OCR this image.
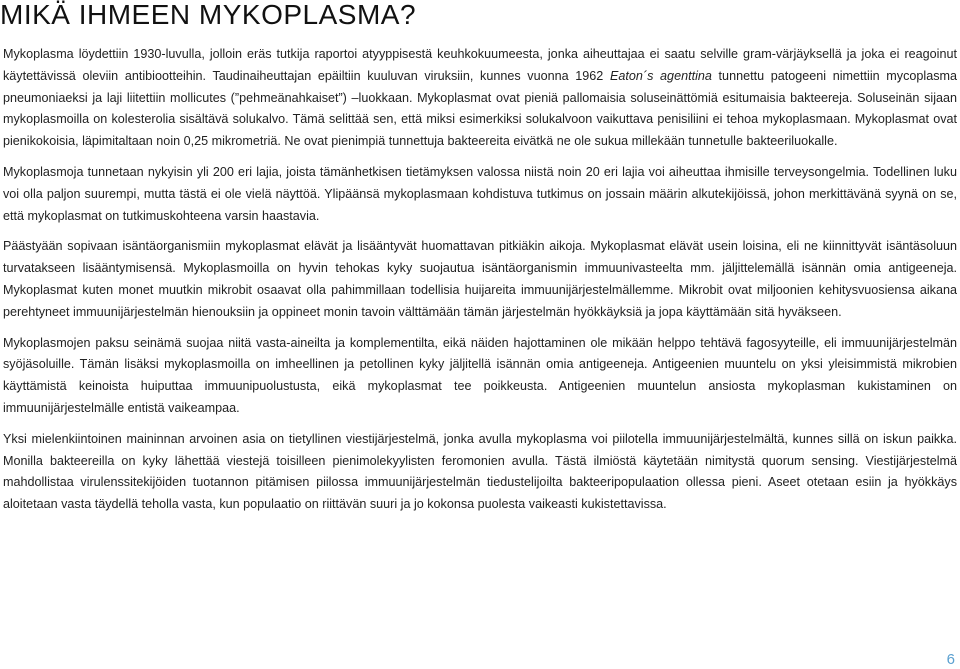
MIKÄ IHMEEN MYKOPLASMA?

Mykoplasma löydettiin 1930-luvulla, jolloin eräs tutkija raportoi atyyppisestä keuhkokuumeesta, jonka aiheuttajaa ei saatu selville gram-värjäyksellä ja joka ei reagoinut käytettävissä oleviin antibiootteihin. Taudinaiheuttajan epäiltiin kuuluvan viruksiin, kunnes vuonna 1962 Eaton´s agenttina tunnettu patogeeni nimettiin mycoplasma pneumoniaeksi ja laji liitettiin mollicutes (”pehmeänahkaiset”) –luokkaan. Mykoplasmat ovat pieniä pallomaisia soluseinättömiä esitumaisia bakteereja. Soluseinän sijaan mykoplasmoilla on kolesterolia sisältävä solukalvo. Tämä selittää sen, että miksi esimerkiksi solukalvoon vaikuttava penisiliini ei tehoa mykoplasmaan. Mykoplasmat ovat pienikokoisia, läpimitaltaan noin 0,25 mikrometriä. Ne ovat pienimpiä tunnettuja bakteereita eivätkä ne ole sukua millekään tunnetulle bakteeriluokalle.

Mykoplasmoja tunnetaan nykyisin yli 200 eri lajia, joista tämänhetkisen tietämyksen valossa niistä noin 20 eri lajia voi aiheuttaa ihmisille terveysongelmia. Todellinen luku voi olla paljon suurempi, mutta tästä ei ole vielä näyttöä. Ylipäänsä mykoplasmaan kohdistuva tutkimus on jossain määrin alkutekijöissä, johon merkittävänä syynä on se, että mykoplasmat on tutkimuskohteena varsin haastavia.

Päästyään sopivaan isäntäorganismiin mykoplasmat elävät ja lisääntyvät huomattavan pitkiäkin aikoja. Mykoplasmat elävät usein loisina, eli ne kiinnittyvät isäntäsoluun turvatakseen lisääntymisensä. Mykoplasmoilla on hyvin tehokas kyky suojautua isäntäorganismin immuunivasteelta mm. jäljittelemällä isännän omia antigeeneja. Mykoplasmat kuten monet muutkin mikrobit osaavat olla pahimmillaan todellisia huijareita immuunijärjestelmällemme. Mikrobit ovat miljoonien kehitysvuosiensa aikana perehtyneet immuunijärjestelmän hienouksiin ja oppineet monin tavoin välttämään tämän järjestelmän hyökkäyksiä ja jopa käyttämään sitä hyväkseen.

Mykoplasmojen paksu seinämä suojaa niitä vasta-aineilta ja komplementilta, eikä näiden hajottaminen ole mikään helppo tehtävä fagosyyteille, eli immuunijärjestelmän syöjäsoluille. Tämän lisäksi mykoplasmoilla on imheellinen ja petollinen kyky jäljitellä isännän omia antigeeneja. Antigeenien muuntelu on yksi yleisimmistä mikrobien käyttämistä keinoista huiputtaa immuunipuolustusta, eikä mykoplasmat tee poikkeusta. Antigeenien muuntelun ansiosta mykoplasman kukistaminen on immuunijärjestelmälle entistä vaikeampaa.

Yksi mielenkiintoinen maininnan arvoinen asia on tietyllinen viestijärjestelmä, jonka avulla mykoplasma voi piilotella immuunijärjestelmältä, kunnes sillä on iskun paikka. Monilla bakteereilla on kyky lähettää viestejä toisilleen pienimolekyylisten feromonien avulla. Tästä ilmiöstä käytetään nimitystä quorum sensing. Viestijärjestelmä mahdollistaa virulenssitekijöiden tuotannon pitämisen piilossa immuunijärjestelmän tiedustelijoilta bakteeripopulaation ollessa pieni. Aseet otetaan esiin ja hyökkäys aloitetaan vasta täydellä teholla vasta, kun populaatio on riittävän suuri ja jo kokonsa puolesta vaikeasti kukistettavissa.

6
